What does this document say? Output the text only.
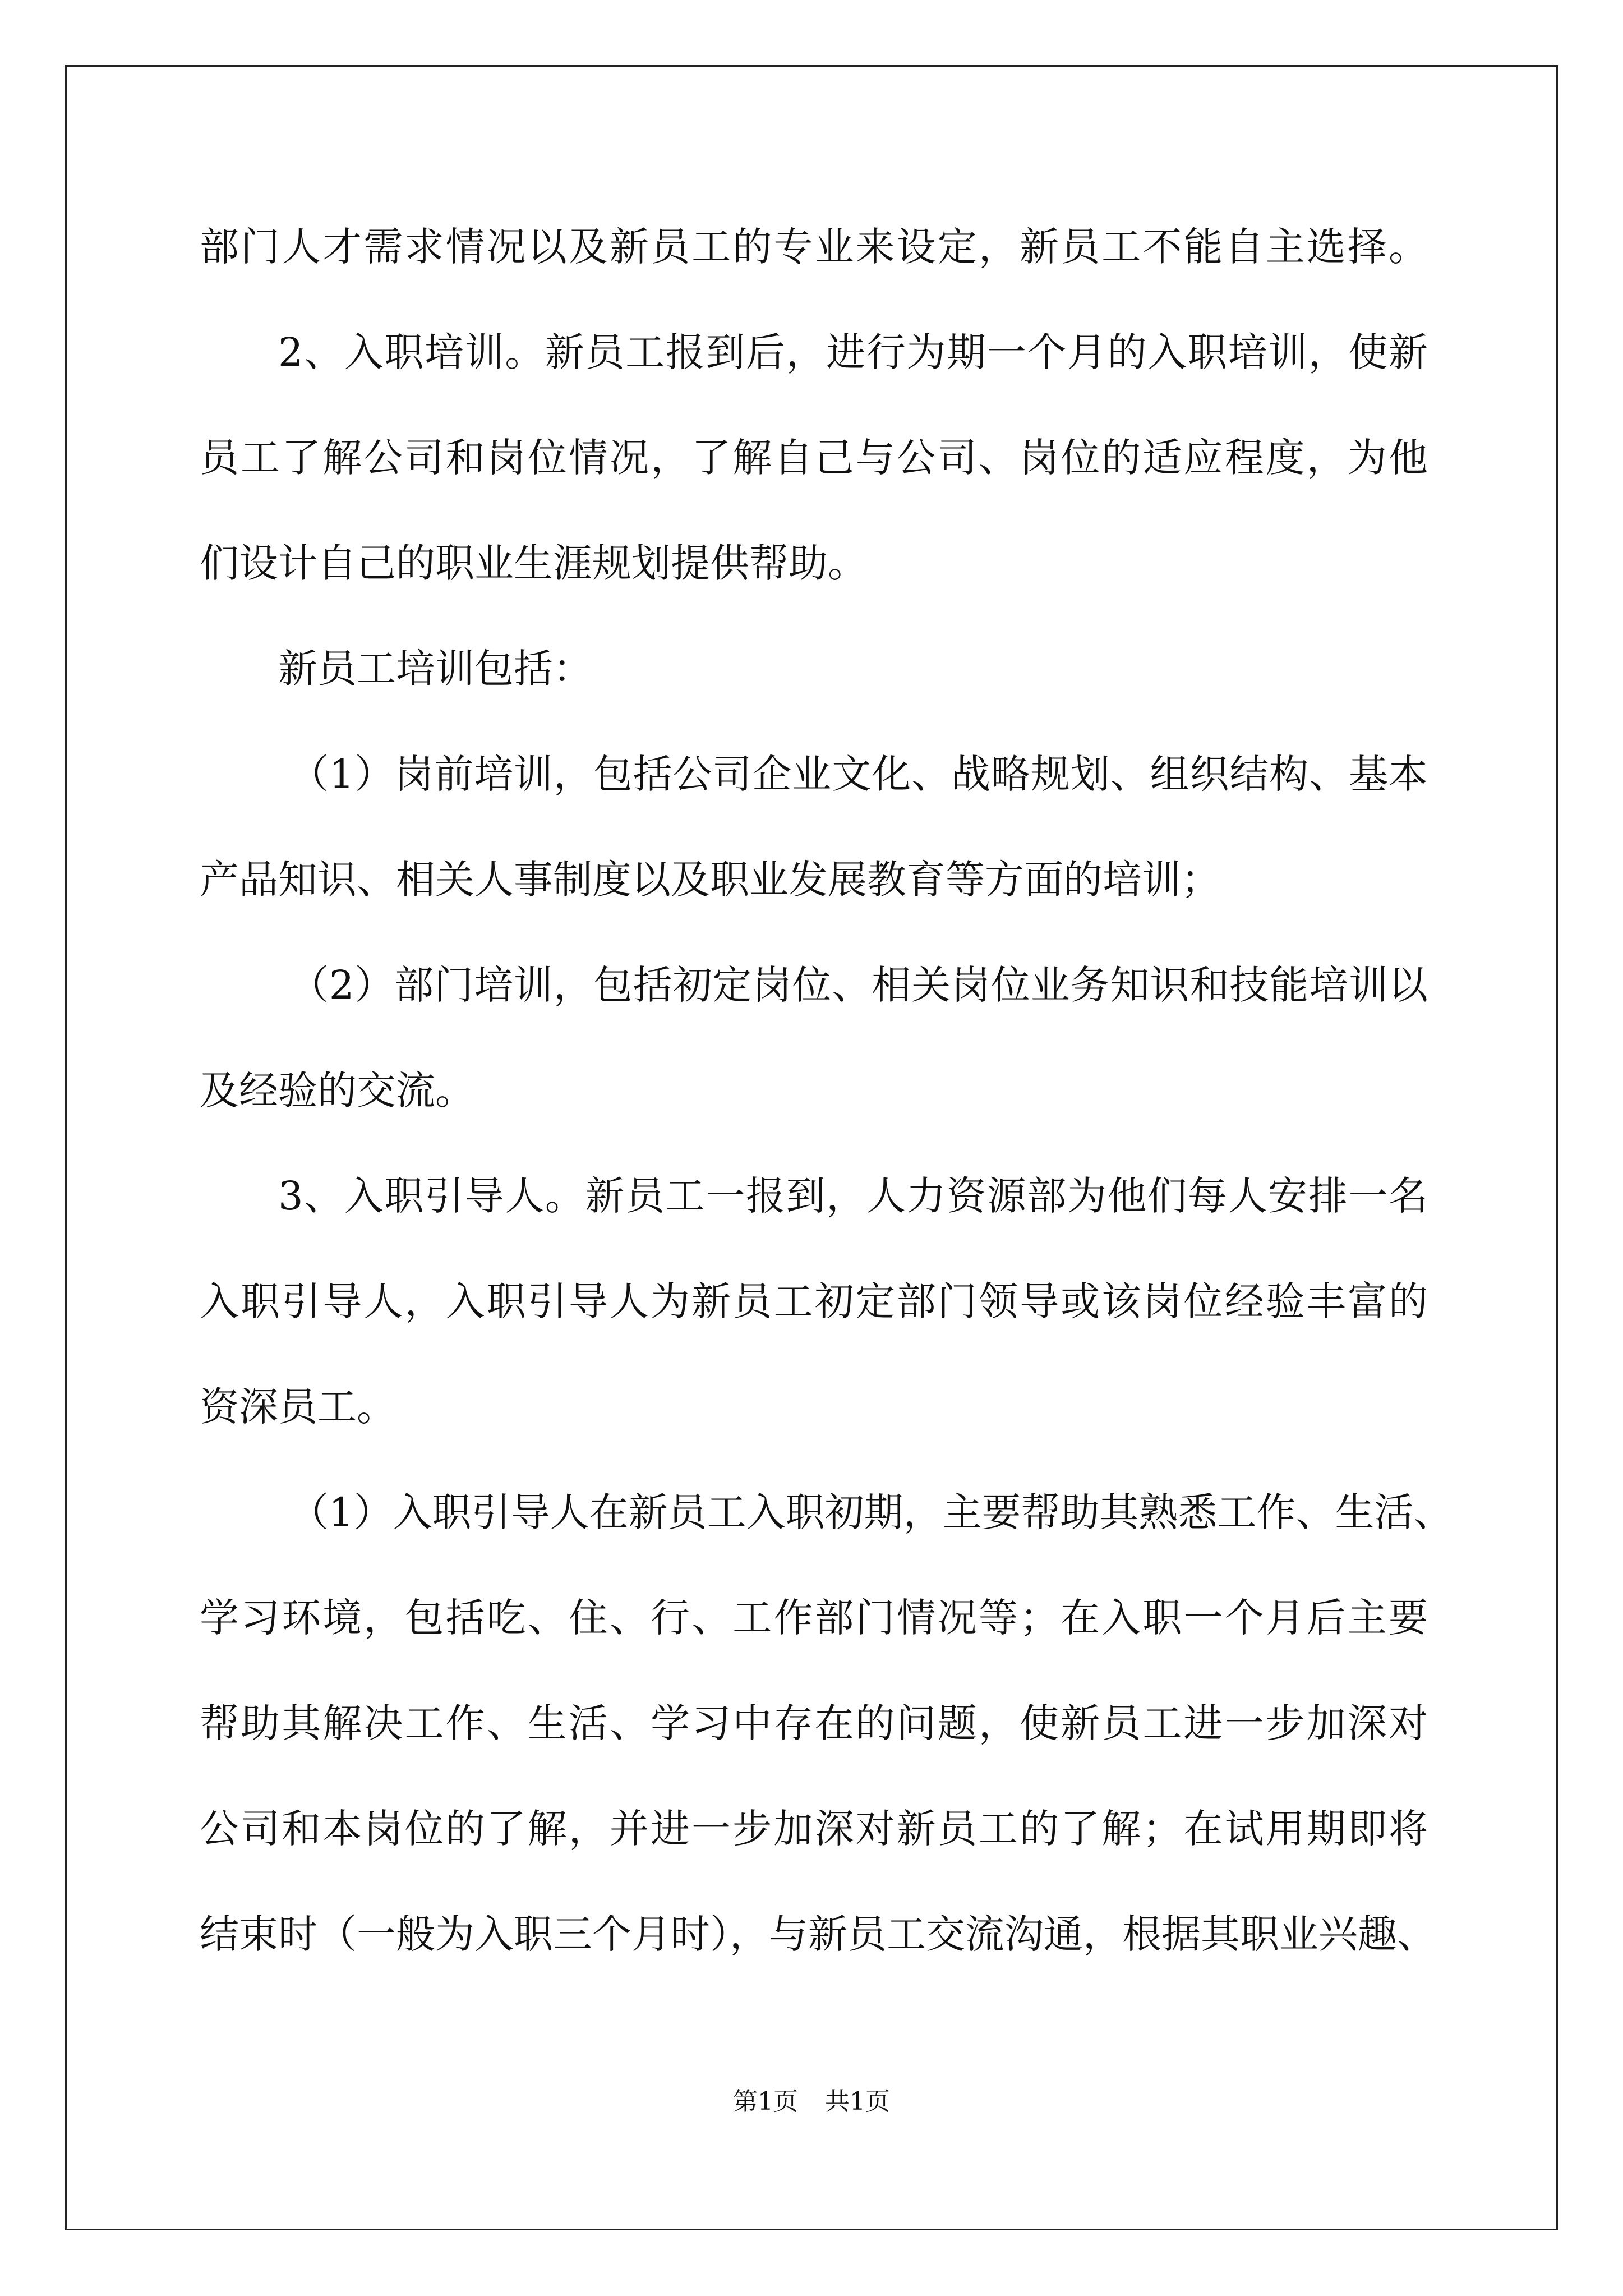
部门人才需求情况以及新员工的专业来设定，新员工不能自主选择。
2、入职培训。新员工报到后，进行为期一个月的入职培训，使新
员工了解公司和岗位情况，了解自己与公司、岗位的适应程度，为他
们设计自己的职业生涯规划提供帮助。
新员工培训包括：
（1）岗前培训，包括公司企业文化、战略规划、组织结构、基本
产品知识、相关人事制度以及职业发展教育等方面的培训；
（2）部门培训，包括初定岗位、相关岗位业务知识和技能培训以
及经验的交流。
3、入职引导人。新员工一报到，人力资源部为他们每人安排一名
入职引导人，入职引导人为新员工初定部门领导或该岗位经验丰富的
资深员工。
（1）入职引导人在新员工入职初期，主要帮助其熟悉工作、生活、
学习环境，包括吃、住、行、工作部门情况等；在入职一个月后主要
帮助其解决工作、生活、学习中存在的问题，使新员工进一步加深对
公司和本岗位的了解，并进一步加深对新员工的了解；在试用期即将
结束时（一般为入职三个月时），与新员工交流沟通，根据其职业兴趣、
第1页 共1页
